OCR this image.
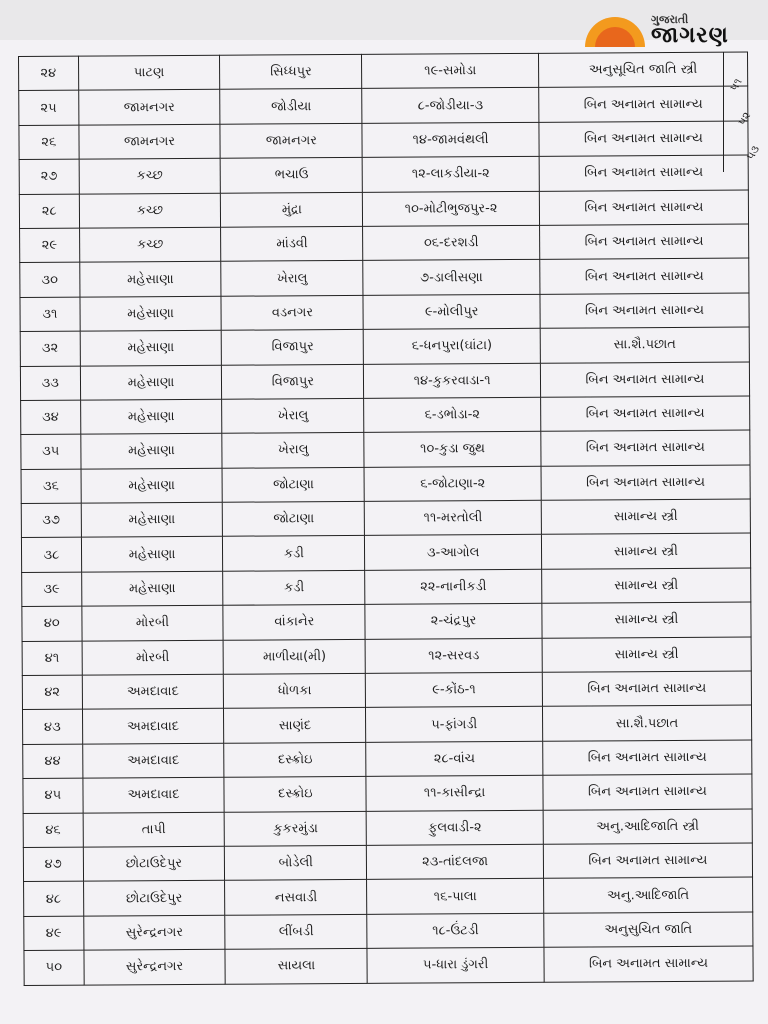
ગુજરાતી
જાગરણ
૫૧
૫૨
૫૩
૨૪	પાટણ	સિધ્ધપુર	૧૯-સમોડા	અનુસૂચિત જાતિ સ્ત્રી
૨૫	જામનગર	જોડીયા	૮-જોડીયા-૩	બિન અનામત સામાન્ય
૨૬	જામનગર	જામનગર	૧૪-જામવંથલી	બિન અનામત સામાન્ય
૨૭	કચ્છ	ભચાઉ	૧૨-લાકડીયા-૨	બિન અનામત સામાન્ય
૨૮	કચ્છ	મુંદ્રા	૧૦-મોટીભુજપુર-૨	બિન અનામત સામાન્ય
૨૯	કચ્છ	માંડવી	૦૬-દરશડી	બિન અનામત સામાન્ય
૩૦	મહેસાણા	ખેરાલુ	૭-ડાલીસણા	બિન અનામત સામાન્ય
૩૧	મહેસાણા	વડનગર	૯-મોલીપુર	બિન અનામત સામાન્ય
૩૨	મહેસાણા	વિજાપુર	૬-ધનપુરા(ઘાંટા)	સા.શૈ.પછાત
૩૩	મહેસાણા	વિજાપુર	૧૪-કુકરવાડા-૧	બિન અનામત સામાન્ય
૩૪	મહેસાણા	ખેરાલુ	૬-ડભોડા-૨	બિન અનામત સામાન્ય
૩૫	મહેસાણા	ખેરાલુ	૧૦-કુડા જુથ	બિન અનામત સામાન્ય
૩૬	મહેસાણા	જોટાણા	૬-જોટાણા-૨	બિન અનામત સામાન્ય
૩૭	મહેસાણા	જોટાણા	૧૧-મરતોલી	સામાન્ય સ્ત્રી
૩૮	મહેસાણા	કડી	૩-આગોલ	સામાન્ય સ્ત્રી
૩૯	મહેસાણા	કડી	૨૨-નાનીકડી	સામાન્ય સ્ત્રી
૪૦	મોરબી	વાંકાનેર	૨-ચંદ્રપુર	સામાન્ય સ્ત્રી
૪૧	મોરબી	માળીયા(મી)	૧૨-સરવડ	સામાન્ય સ્ત્રી
૪૨	અમદાવાદ	ધોળકા	૯-કોંઠ-૧	બિન અનામત સામાન્ય
૪૩	અમદાવાદ	સાણંદ	૫-ફાંગડી	સા.શૈ.પછાત
૪૪	અમદાવાદ	દસ્ક્રોઇ	૨૮-વાંચ	બિન અનામત સામાન્ય
૪૫	અમદાવાદ	દસ્ક્રોઇ	૧૧-કાસીન્દ્રા	બિન અનામત સામાન્ય
૪૬	તાપી	કુકરમુંડા	ફુલવાડી-૨	અનુ.આદિજાતિ સ્ત્રી
૪૭	છોટાઉદેપુર	બોડેલી	૨૩-તાંદલજા	બિન અનામત સામાન્ય
૪૮	છોટાઉદેપુર	નસવાડી	૧૬-પાલા	અનુ.આદિજાતિ
૪૯	સુરેન્દ્રનગર	લીંબડી	૧૮-ઉંટડી	અનુસુચિત જાતિ
૫૦	સુરેન્દ્રનગર	સાયલા	૫-ધારા ડુંગરી	બિન અનામત સામાન્ય
